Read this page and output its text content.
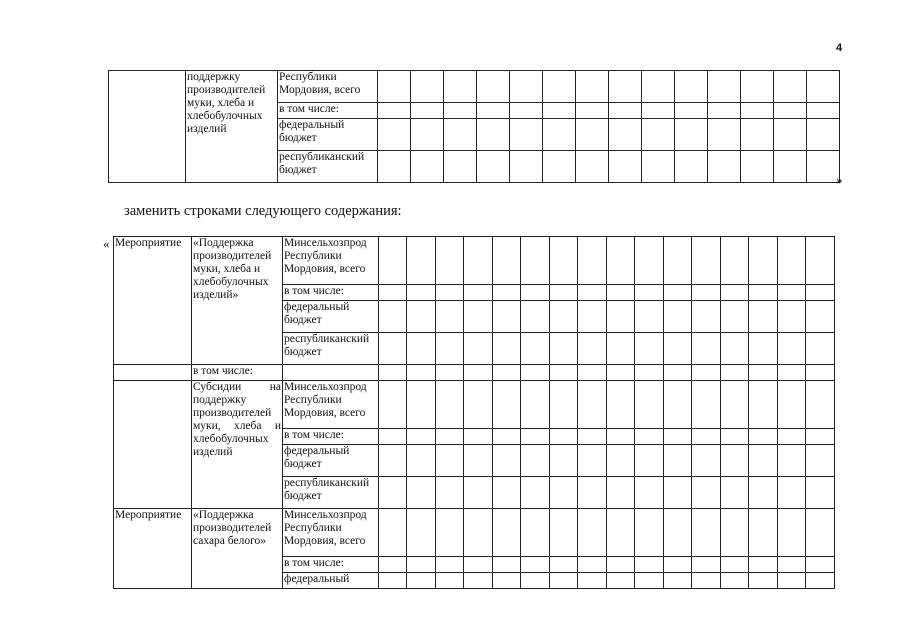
4
	поддержку производителей муки, хлеба и хлебобулочных изделий	Республики Мордовия, всего														
		в том числе:														
		федеральный бюджет														
		республиканский бюджет														
»
заменить строками следующего содержания:
« Мероприятие	«Поддержка производителей муки, хлеба и хлебобулочных изделий»	Минсельхозпрод Республики Мордовия, всего																
		в том числе:																
		федеральный бюджет																
		республиканский бюджет																
	в том числе:																	
	Субсидии на поддержку производителей муки, хлеба и хлебобулочных изделий	Минсельхозпрод Республики Мордовия, всего																
		в том числе:																
		федеральный бюджет																
		республиканский бюджет																
Мероприятие	«Поддержка производителей сахара белого»	Минсельхозпрод Республики Мордовия, всего																
		в том числе:																
		федеральный																
